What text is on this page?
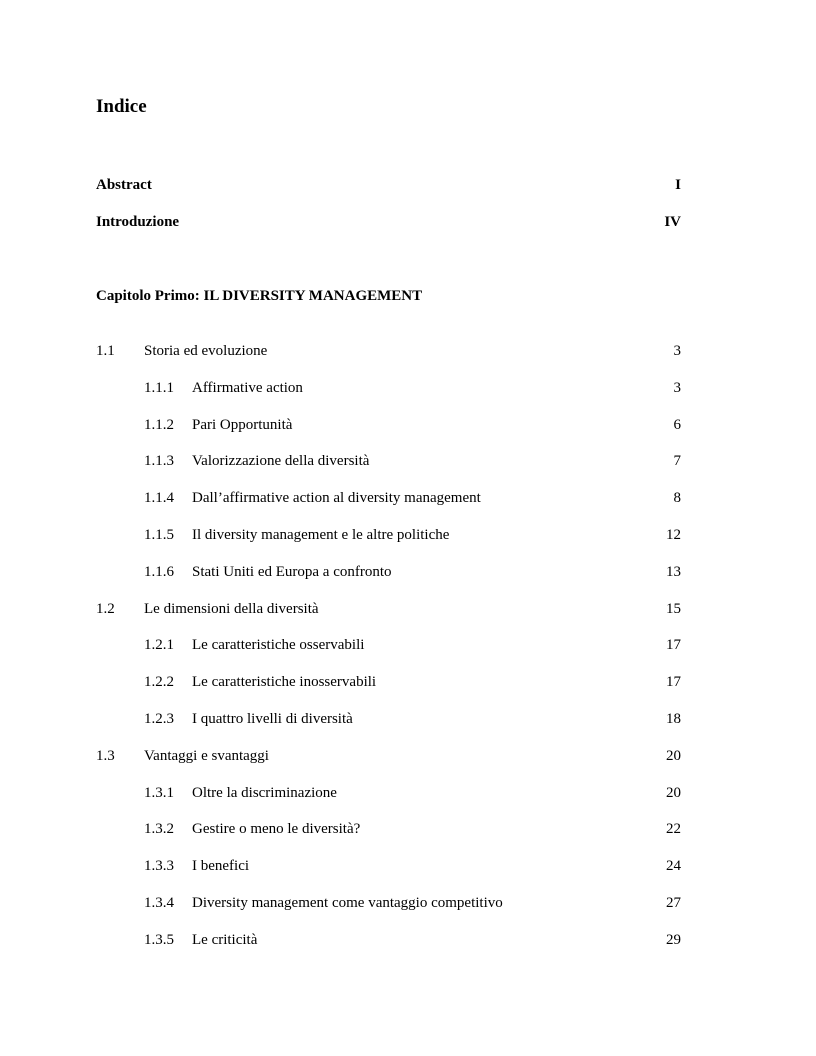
Indice
Abstract	I
Introduzione	IV
Capitolo Primo: IL DIVERSITY MANAGEMENT
1.1 Storia ed evoluzione	3
1.1.1 Affirmative action	3
1.1.2 Pari Opportunità	6
1.1.3 Valorizzazione della diversità	7
1.1.4 Dall’affirmative action al diversity management	8
1.1.5 Il diversity management e le altre politiche	12
1.1.6 Stati Uniti ed Europa a confronto	13
1.2 Le dimensioni della diversità	15
1.2.1 Le caratteristiche osservabili	17
1.2.2 Le caratteristiche inosservabili	17
1.2.3 I quattro livelli di diversità	18
1.3 Vantaggi e svantaggi	20
1.3.1 Oltre la discriminazione	20
1.3.2 Gestire o meno le diversità?	22
1.3.3 I benefici	24
1.3.4 Diversity management come vantaggio competitivo	27
1.3.5 Le criticità	29
